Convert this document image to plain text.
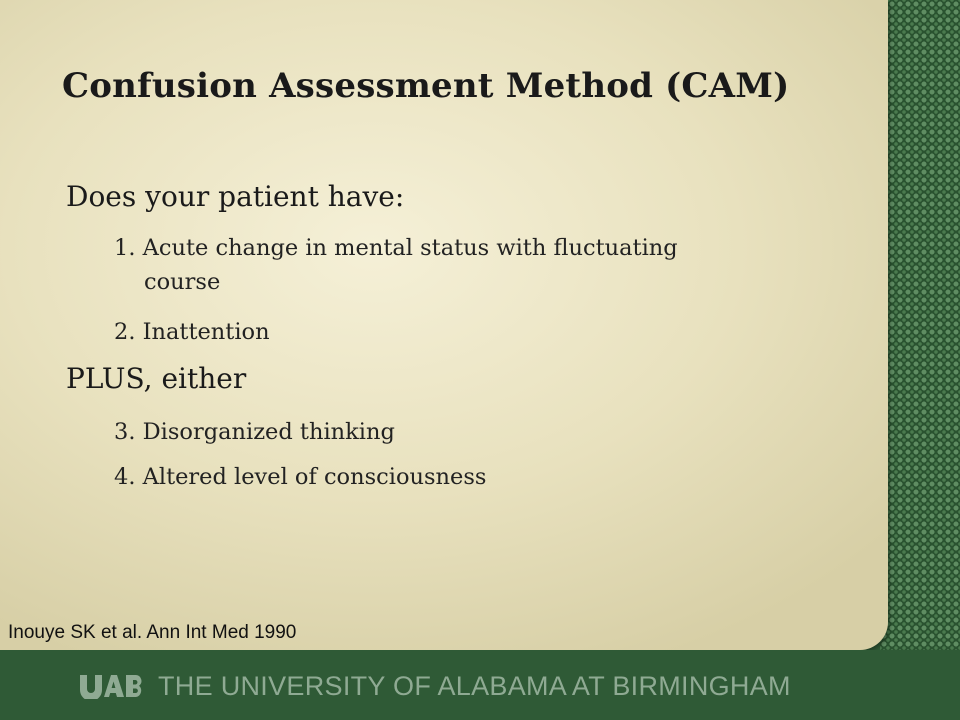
Confusion Assessment Method (CAM)

Does your patient have:

1. Acute change in mental status with fluctuating
course
2. Inattention

PLUS, either

3. Disorganized thinking
4. Altered level of consciousness

Inouye SK et al. Ann Int Med 1990

THE UNIVERSITY OF ALABAMA AT BIRMINGHAM
